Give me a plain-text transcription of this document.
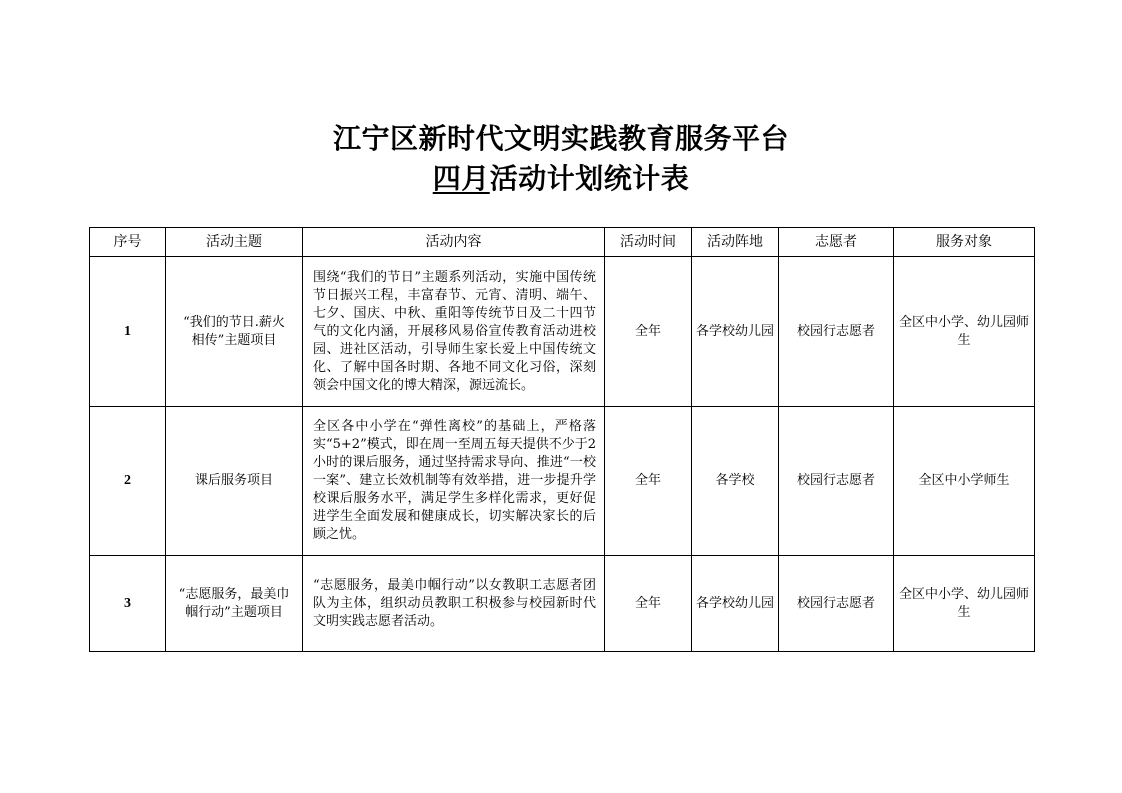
江宁区新时代文明实践教育服务平台
四月活动计划统计表
序号	活动主题	活动内容	活动时间	活动阵地	志愿者	服务对象
1	“我们的节日.薪火相传”主题项目	围绕“我们的节日”主题系列活动，实施中国传统节日振兴工程，丰富春节、元宵、清明、端午、七夕、国庆、中秋、重阳等传统节日及二十四节气的文化内涵，开展移风易俗宣传教育活动进校园、进社区活动，引导师生家长爱上中国传统文化、了解中国各时期、各地不同文化习俗，深刻领会中国文化的博大精深，源远流长。	全年	各学校幼儿园	校园行志愿者	全区中小学、幼儿园师生
2	课后服务项目	全区各中小学在“弹性离校”的基础上，严格落实“5+2”模式，即在周一至周五每天提供不少于2小时的课后服务，通过坚持需求导向、推进“一校一案”、建立长效机制等有效举措，进一步提升学校课后服务水平，满足学生多样化需求，更好促进学生全面发展和健康成长，切实解决家长的后顾之忧。	全年	各学校	校园行志愿者	全区中小学师生
3	“志愿服务，最美巾帼行动”主题项目	“志愿服务，最美巾帼行动”以女教职工志愿者团队为主体，组织动员教职工积极参与校园新时代文明实践志愿者活动。	全年	各学校幼儿园	校园行志愿者	全区中小学、幼儿园师生
